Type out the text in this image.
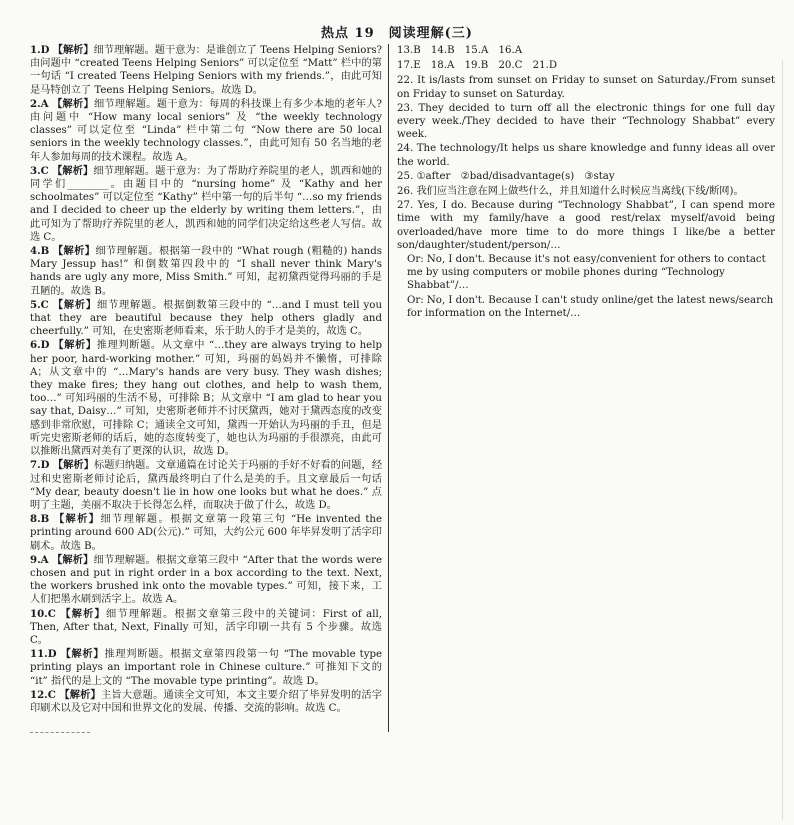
热点 19　阅读理解(三)

1.D 【解析】细节理解题。题干意为：是谁创立了 Teens Helping Seniors? 由问题中 “created Teens Helping Seniors” 可以定位至 “Matt” 栏中的第一句话 “I created Teens Helping Seniors with my friends.”，由此可知是马特创立了 Teens Helping Seniors。故选 D。

2.A 【解析】细节理解题。题干意为：每周的科技课上有多少本地的老年人? 由问题中 “How many local seniors” 及 “the weekly technology classes” 可以定位至 “Linda” 栏中第二句 “Now there are 50 local seniors in the weekly technology classes.”，由此可知有 50 名当地的老年人参加每周的技术课程。故选 A。

3.C 【解析】细节理解题。题干意为：为了帮助疗养院里的老人，凯西和她的同学们________。由题目中的 “nursing home” 及 “Kathy and her schoolmates” 可以定位至 “Kathy” 栏中第一句的后半句 “…so my friends and I decided to cheer up the elderly by writing them letters.”，由此可知为了帮助疗养院里的老人，凯西和她的同学们决定给这些老人写信。故选 C。

4.B 【解析】细节理解题。根据第一段中的 “What rough (粗糙的) hands Mary Jessup has!” 和倒数第四段中的 “I shall never think Mary's hands are ugly any more, Miss Smith.” 可知，起初黛西觉得玛丽的手是丑陋的。故选 B。

5.C 【解析】细节理解题。根据倒数第三段中的 “…and I must tell you that they are beautiful because they help others gladly and cheerfully.” 可知，在史密斯老师看来，乐于助人的手才是美的，故选 C。

6.D 【解析】推理判断题。从文章中 “…they are always trying to help her poor, hard-working mother.” 可知，玛丽的妈妈并不懒惰，可排除 A；从文章中的 “…Mary's hands are very busy. They wash dishes; they make fires; they hang out clothes, and help to wash them, too…” 可知玛丽的生活不易，可排除 B；从文章中 “I am glad to hear you say that, Daisy…” 可知，史密斯老师并不讨厌黛西，她对于黛西态度的改变感到非常欣慰，可排除 C；通读全文可知，黛西一开始认为玛丽的手丑，但是听完史密斯老师的话后，她的态度转变了，她也认为玛丽的手很漂亮，由此可以推断出黛西对美有了更深的认识，故选 D。

7.D 【解析】标题归纳题。文章通篇在讨论关于玛丽的手好不好看的问题，经过和史密斯老师讨论后，黛西最终明白了什么是美的手。且文章最后一句话 “My dear, beauty doesn't lie in how one looks but what he does.” 点明了主题，美丽不取决于长得怎么样，而取决于做了什么，故选 D。

8.B 【解析】细节理解题。根据文章第一段第三句 “He invented the printing around 600 AD(公元).” 可知，大约公元 600 年毕昇发明了活字印刷术。故选 B。

9.A 【解析】细节理解题。根据文章第三段中 “After that the words were chosen and put in right order in a box according to the text. Next, the workers brushed ink onto the movable types.” 可知，接下来，工人们把墨水刷到活字上。故选 A。

10.C 【解析】细节理解题。根据文章第三段中的关键词：First of all, Then, After that, Next, Finally 可知，活字印刷一共有 5 个步骤。故选 C。

11.D 【解析】推理判断题。根据文章第四段第一句 “The movable type printing plays an important role in Chinese culture.” 可推知下文的 “it” 指代的是上文的 “The movable type printing”。故选 D。

12.C 【解析】主旨大意题。通读全文可知，本文主要介绍了毕昇发明的活字印刷术以及它对中国和世界文化的发展、传播、交流的影响。故选 C。

13.B　14.B　15.A　16.A

17.E　18.A　19.B　20.C　21.D

22. It is/lasts from sunset on Friday to sunset on Saturday./From sunset on Friday to sunset on Saturday.

23. They decided to turn off all the electronic things for one full day every week./They decided to have their “Technology Shabbat” every week.

24. The technology/It helps us share knowledge and funny ideas all over the world.

25. ①after　②bad/disadvantage(s)　③stay

26. 我们应当注意在网上做些什么，并且知道什么时候应当离线(下线/断网)。

27. Yes, I do. Because during “Technology Shabbat”, I can spend more time with my family/have a good rest/relax myself/avoid being overloaded/have more time to do more things I like/be a better son/daughter/student/person/…

Or: No, I don't. Because it's not easy/convenient for others to contact me by using computers or mobile phones during “Technology Shabbat”/…

Or: No, I don't. Because I can't study online/get the latest news/search for information on the Internet/…
